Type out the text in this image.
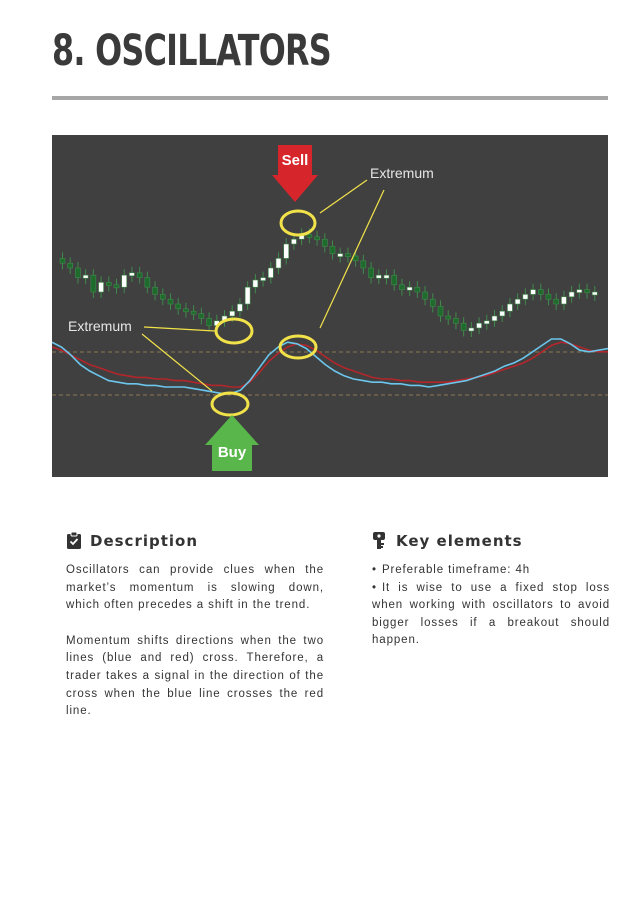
8. OSCILLATORS
Sell
Buy
Extremum
Extremum
Description

Oscillators can provide clues when the market’s momentum is slowing down, which often precedes a shift in the trend.

Momentum shifts directions when the two lines (blue and red) cross. Therefore, a trader takes a signal in the direction of the cross when the blue line crosses the red line.

Key elements
• Preferable timeframe: 4h
• It is wise to use a fixed stop loss when working with oscillators to avoid bigger losses if a breakout should happen.
